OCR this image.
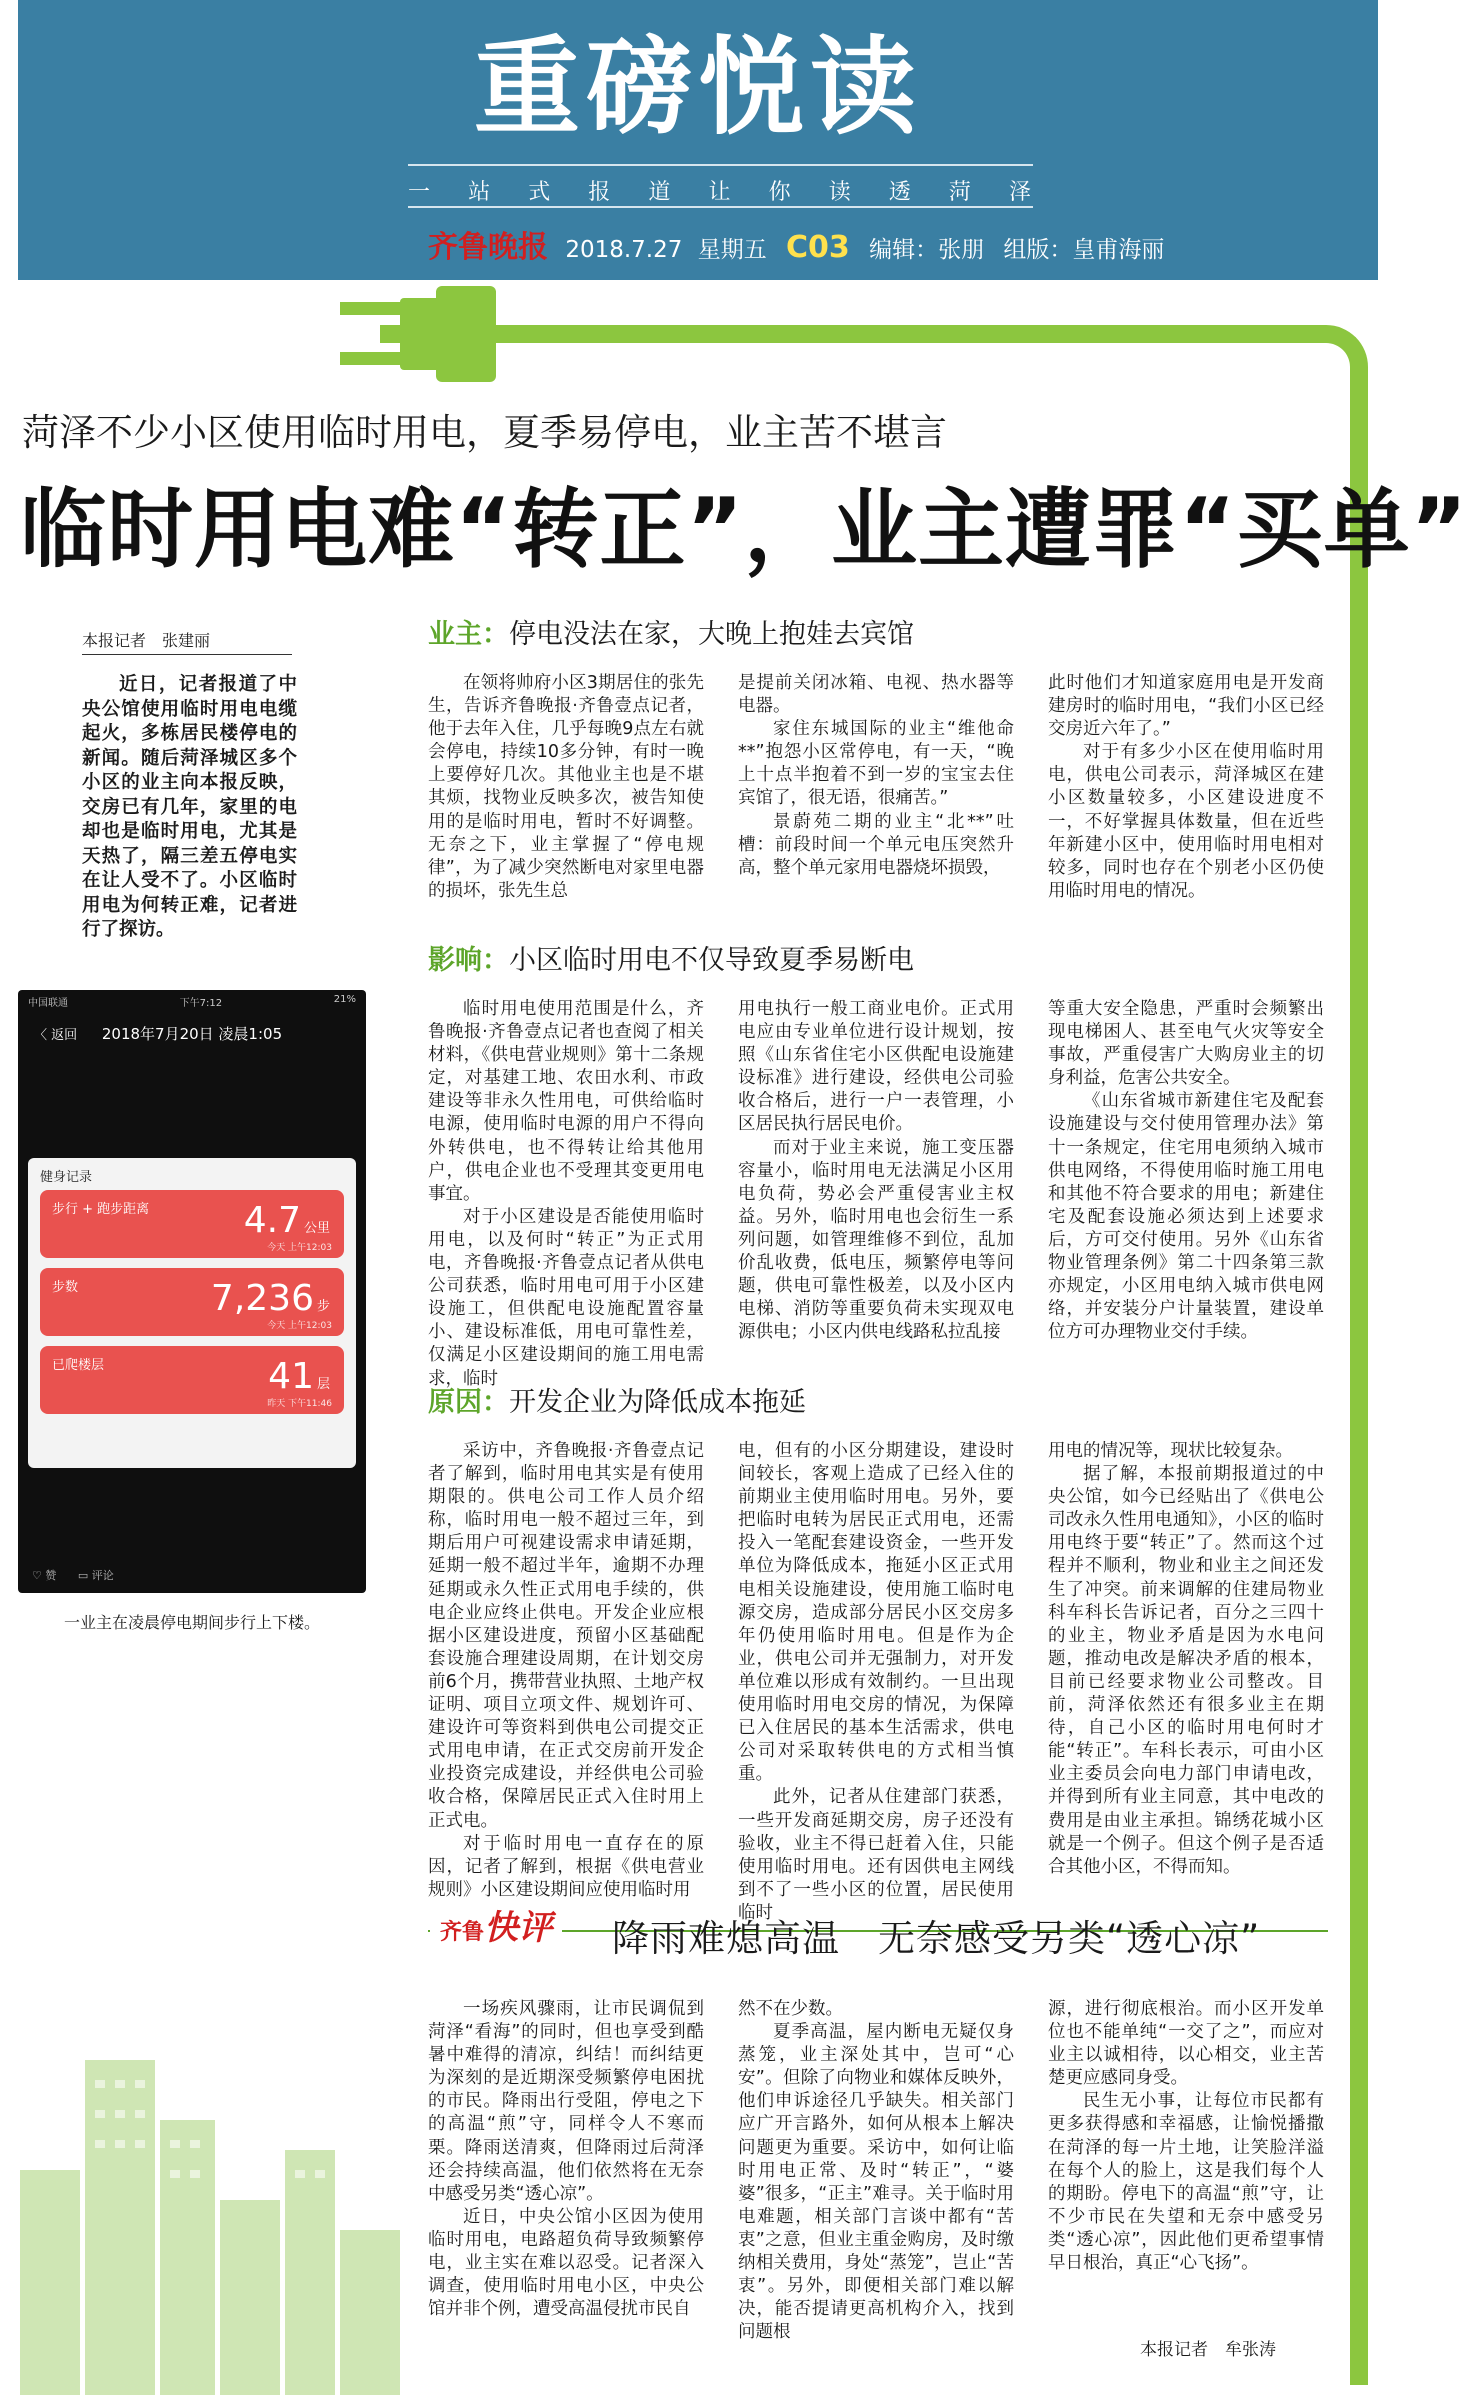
重磅悦读
一站式报道让你读透菏泽
齐鲁晚报 2018.7.27 星期五 C03 编辑：张朋 组版：皇甫海丽
菏泽不少小区使用临时用电，夏季易停电，业主苦不堪言
临时用电难“转正”，业主遭罪“买单”
本报记者　张建丽
近日，记者报道了中央公馆使用临时用电电缆起火，多栋居民楼停电的新闻。随后菏泽城区多个小区的业主向本报反映，交房已有几年，家里的电却也是临时用电，尤其是天热了，隔三差五停电实在让人受不了。小区临时用电为何转正难，记者进行了探访。
中国联通	下午7:12	21%
〈 返回	2018年7月20日 凌晨1:05
健身记录
步行 + 跑步距离	4.7 公里
今天 上午12:03
步数	7,236 步
今天 上午12:03
已爬楼层	41 层
昨天 下午11:46
♡ 赞 ▭ 评论
一业主在凌晨停电期间步行上下楼。
业主：停电没法在家，大晚上抱娃去宾馆

在领将帅府小区3期居住的张先生，告诉齐鲁晚报·齐鲁壹点记者，他于去年入住，几乎每晚9点左右就会停电，持续10多分钟，有时一晚上要停好几次。其他业主也是不堪其烦，找物业反映多次，被告知使用的是临时用电，暂时不好调整。无奈之下，业主掌握了“停电规律”，为了减少突然断电对家里电器的损坏，张先生总

是提前关闭冰箱、电视、热水器等电器。

家住东城国际的业主“维他命**”抱怨小区常停电，有一天，“晚上十点半抱着不到一岁的宝宝去住宾馆了，很无语，很痛苦。”

景蔚苑二期的业主“北**”吐槽：前段时间一个单元电压突然升高，整个单元家用电器烧坏损毁，

此时他们才知道家庭用电是开发商建房时的临时用电，“我们小区已经交房近六年了。”

对于有多少小区在使用临时用电，供电公司表示，菏泽城区在建小区数量较多，小区建设进度不一，不好掌握具体数量，但在近些年新建小区中，使用临时用电相对较多，同时也存在个别老小区仍使用临时用电的情况。

影响：小区临时用电不仅导致夏季易断电

临时用电使用范围是什么，齐鲁晚报·齐鲁壹点记者也查阅了相关材料，《供电营业规则》第十二条规定，对基建工地、农田水利、市政建设等非永久性用电，可供给临时电源，使用临时电源的用户不得向外转供电，也不得转让给其他用户，供电企业也不受理其变更用电事宜。

对于小区建设是否能使用临时用电，以及何时“转正”为正式用电，齐鲁晚报·齐鲁壹点记者从供电公司获悉，临时用电可用于小区建设施工，但供配电设施配置容量小、建设标准低，用电可靠性差，仅满足小区建设期间的施工用电需求，临时

用电执行一般工商业电价。正式用电应由专业单位进行设计规划，按照《山东省住宅小区供配电设施建设标准》进行建设，经供电公司验收合格后，进行一户一表管理，小区居民执行居民电价。

而对于业主来说，施工变压器容量小，临时用电无法满足小区用电负荷，势必会严重侵害业主权益。另外，临时用电也会衍生一系列问题，如管理维修不到位，乱加价乱收费，低电压，频繁停电等问题，供电可靠性极差，以及小区内电梯、消防等重要负荷未实现双电源供电；小区内供电线路私拉乱接

等重大安全隐患，严重时会频繁出现电梯困人、甚至电气火灾等安全事故，严重侵害广大购房业主的切身利益，危害公共安全。

《山东省城市新建住宅及配套设施建设与交付使用管理办法》第十一条规定，住宅用电须纳入城市供电网络，不得使用临时施工用电和其他不符合要求的用电；新建住宅及配套设施必须达到上述要求后，方可交付使用。另外《山东省物业管理条例》第二十四条第三款亦规定，小区用电纳入城市供电网络，并安装分户计量装置，建设单位方可办理物业交付手续。

原因：开发企业为降低成本拖延

采访中，齐鲁晚报·齐鲁壹点记者了解到，临时用电其实是有使用期限的。供电公司工作人员介绍称，临时用电一般不超过三年，到期后用户可视建设需求申请延期，延期一般不超过半年，逾期不办理延期或永久性正式用电手续的，供电企业应终止供电。开发企业应根据小区建设进度，预留小区基础配套设施合理建设周期，在计划交房前6个月，携带营业执照、土地产权证明、项目立项文件、规划许可、建设许可等资料到供电公司提交正式用电申请，在正式交房前开发企业投资完成建设，并经供电公司验收合格，保障居民正式入住时用上正式电。

对于临时用电一直存在的原因，记者了解到，根据《供电营业规则》小区建设期间应使用临时用

电，但有的小区分期建设，建设时间较长，客观上造成了已经入住的前期业主使用临时用电。另外，要把临时电转为居民正式用电，还需投入一笔配套建设资金，一些开发单位为降低成本，拖延小区正式用电相关设施建设，使用施工临时电源交房，造成部分居民小区交房多年仍使用临时用电。但是作为企业，供电公司并无强制力，对开发单位难以形成有效制约。一旦出现使用临时用电交房的情况，为保障已入住居民的基本生活需求，供电公司对采取转供电的方式相当慎重。

此外，记者从住建部门获悉，一些开发商延期交房，房子还没有验收，业主不得已赶着入住，只能使用临时用电。还有因供电主网线到不了一些小区的位置，居民使用临时

用电的情况等，现状比较复杂。

据了解，本报前期报道过的中央公馆，如今已经贴出了《供电公司改永久性用电通知》，小区的临时用电终于要“转正”了。然而这个过程并不顺利，物业和业主之间还发生了冲突。前来调解的住建局物业科车科长告诉记者，百分之三四十的业主，物业矛盾是因为水电问题，推动电改是解决矛盾的根本，目前已经要求物业公司整改。目前，菏泽依然还有很多业主在期待，自己小区的临时用电何时才能“转正”。车科长表示，可由小区业主委员会向电力部门申请电改，并得到所有业主同意，其中电改的费用是由业主承担。锦绣花城小区就是一个例子。但这个例子是否适合其他小区，不得而知。

齐鲁快评 降雨难熄高温　无奈感受另类“透心凉”

一场疾风骤雨，让市民调侃到菏泽“看海”的同时，但也享受到酷暑中难得的清凉，纠结！而纠结更为深刻的是近期深受频繁停电困扰的市民。降雨出行受阻，停电之下的高温“煎”守，同样令人不寒而栗。降雨送清爽，但降雨过后菏泽还会持续高温，他们依然将在无奈中感受另类“透心凉”。

近日，中央公馆小区因为使用临时用电，电路超负荷导致频繁停电，业主实在难以忍受。记者深入调查，使用临时用电小区，中央公馆并非个例，遭受高温侵扰市民自

然不在少数。

夏季高温，屋内断电无疑仅身蒸笼，业主深处其中，岂可“心安”。但除了向物业和媒体反映外，他们申诉途径几乎缺失。相关部门应广开言路外，如何从根本上解决问题更为重要。采访中，如何让临时用电正常、及时“转正”，“婆婆”很多，“正主”难寻。关于临时用电难题，相关部门言谈中都有“苦衷”之意，但业主重金购房，及时缴纳相关费用，身处“蒸笼”，岂止“苦衷”。另外，即便相关部门难以解决，能否提请更高机构介入，找到问题根

源，进行彻底根治。而小区开发单位也不能单纯“一交了之”，而应对业主以诚相待，以心相交，业主苦楚更应感同身受。

民生无小事，让每位市民都有更多获得感和幸福感，让愉悦播撒在菏泽的每一片土地，让笑脸洋溢在每个人的脸上，这是我们每个人的期盼。停电下的高温“煎”守，让不少市民在失望和无奈中感受另类“透心凉”，因此他们更希望事情早日根治，真正“心飞扬”。

本报记者　牟张涛
